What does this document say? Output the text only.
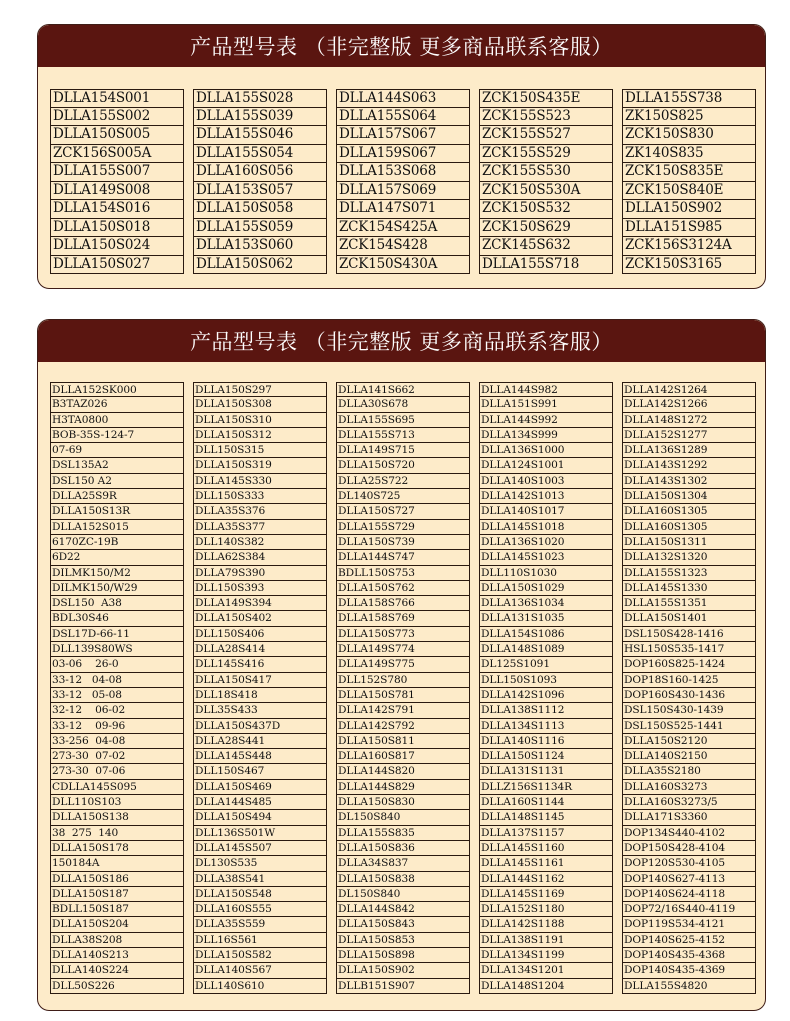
产品型号表 （非完整版 更多商品联系客服）
DLLA154S001
DLLA155S002
DLLA150S005
ZCK156S005A
DLLA155S007
DLLA149S008
DLLA154S016
DLLA150S018
DLLA150S024
DLLA150S027
DLLA155S028
DLLA155S039
DLLA155S046
DLLA155S054
DLLA160S056
DLLA153S057
DLLA150S058
DLLA155S059
DLLA153S060
DLLA150S062
DLLA144S063
DLLA155S064
DLLA157S067
DLLA159S067
DLLA153S068
DLLA157S069
DLLA147S071
ZCK154S425A
ZCK154S428
ZCK150S430A
ZCK150S435E
ZCK155S523
ZCK155S527
ZCK155S529
ZCK155S530
ZCK150S530A
ZCK150S532
ZCK150S629
ZCK145S632
DLLA155S718
DLLA155S738
ZK150S825
ZCK150S830
ZK140S835
ZCK150S835E
ZCK150S840E
DLLA150S902
DLLA151S985
ZCK156S3124A
ZCK150S3165
产品型号表 （非完整版 更多商品联系客服）
DLLA152SK000
B3TAZ026
H3TA0800
BOB-35S-124-7
07-69
DSL135A2
DSL150 A2
DLLA25S9R
DLLA150S13R
DLLA152S015
6170ZC-19B
6D22
DILMK150/M2
DILMK150/W29
DSL150  A38
BDL30S46
DSL17D-66-11
DLL139S80WS
03-06    26-0
33-12   04-08
33-12   05-08
32-12    06-02
33-12    09-96
33-256  04-08
273-30  07-02
273-30  07-06
CDLLA145S095
DLL110S103
DLLA150S138
38  275  140
DLLA150S178
150184A
DLLA150S186
DLLA150S187
BDLL150S187
DLLA150S204
DLLA38S208
DLLA140S213
DLLA140S224
DLL50S226
DLLA150S297
DLLA150S308
DLLA150S310
DLLA150S312
DLL150S315
DLLA150S319
DLLA145S330
DLL150S333
DLLA35S376
DLLA35S377
DLL140S382
DLLA62S384
DLLA79S390
DLL150S393
DLLA149S394
DLLA150S402
DLL150S406
DLLA28S414
DLL145S416
DLLA150S417
DLL18S418
DLL35S433
DLLA150S437D
DLLA28S441
DLLA145S448
DLL150S467
DLLA150S469
DLLA144S485
DLLA150S494
DLL136S501W
DLLA145S507
DL130S535
DLLA38S541
DLLA150S548
DLLA160S555
DLLA35S559
DLL16S561
DLLA150S582
DLLA140S567
DLL140S610
DLLA141S662
DLLA30S678
DLLA155S695
DLLA155S713
DLLA149S715
DLLA150S720
DLLA25S722
DL140S725
DLLA150S727
DLLA155S729
DLLA150S739
DLLA144S747
BDLL150S753
DLLA150S762
DLLA158S766
DLLA158S769
DLLA150S773
DLLA149S774
DLLA149S775
DLL152S780
DLLA150S781
DLLA142S791
DLLA142S792
DLLA150S811
DLLA160S817
DLLA144S820
DLLA144S829
DLLA150S830
DL150S840
DLLA155S835
DLLA150S836
DLLA34S837
DLLA150S838
DL150S840
DLLA144S842
DLLA150S843
DLLA150S853
DLLA150S898
DLLA150S902
DLLB151S907
DLLA144S982
DLLA151S991
DLLA144S992
DLLA134S999
DLLA136S1000
DLLA124S1001
DLLA140S1003
DLLA142S1013
DLLA140S1017
DLLA145S1018
DLLA136S1020
DLLA145S1023
DLL110S1030
DLLA150S1029
DLLA136S1034
DLLA131S1035
DLLA154S1086
DLLA148S1089
DL125S1091
DLL150S1093
DLLA142S1096
DLLA138S1112
DLLA134S1113
DLLA140S1116
DLLA150S1124
DLLA131S1131
DLLZ156S1134R
DLLA160S1144
DLLA148S1145
DLLA137S1157
DLLA145S1160
DLLA145S1161
DLLA144S1162
DLLA145S1169
DLLA152S1180
DLLA142S1188
DLLA138S1191
DLLA134S1199
DLLA134S1201
DLLA148S1204
DLLA142S1264
DLLA142S1266
DLLA148S1272
DLLA152S1277
DLLA136S1289
DLLA143S1292
DLLA143S1302
DLLA150S1304
DLLA160S1305
DLLA160S1305
DLLA150S1311
DLLA132S1320
DLLA155S1323
DLLA145S1330
DLLA155S1351
DLLA150S1401
DSL150S428-1416
HSL150S535-1417
DOP160S825-1424
DOP18S160-1425
DOP160S430-1436
DSL150S430-1439
DSL150S525-1441
DLLA150S2120
DLLA140S2150
DLLA35S2180
DLLA160S3273
DLLA160S3273/5
DLLA171S3360
DOP134S440-4102
DOP150S428-4104
DOP120S530-4105
DOP140S627-4113
DOP140S624-4118
DOP72/16S440-4119
DOP119S534-4121
DOP140S625-4152
DOP140S435-4368
DOP140S435-4369
DLLA155S4820
